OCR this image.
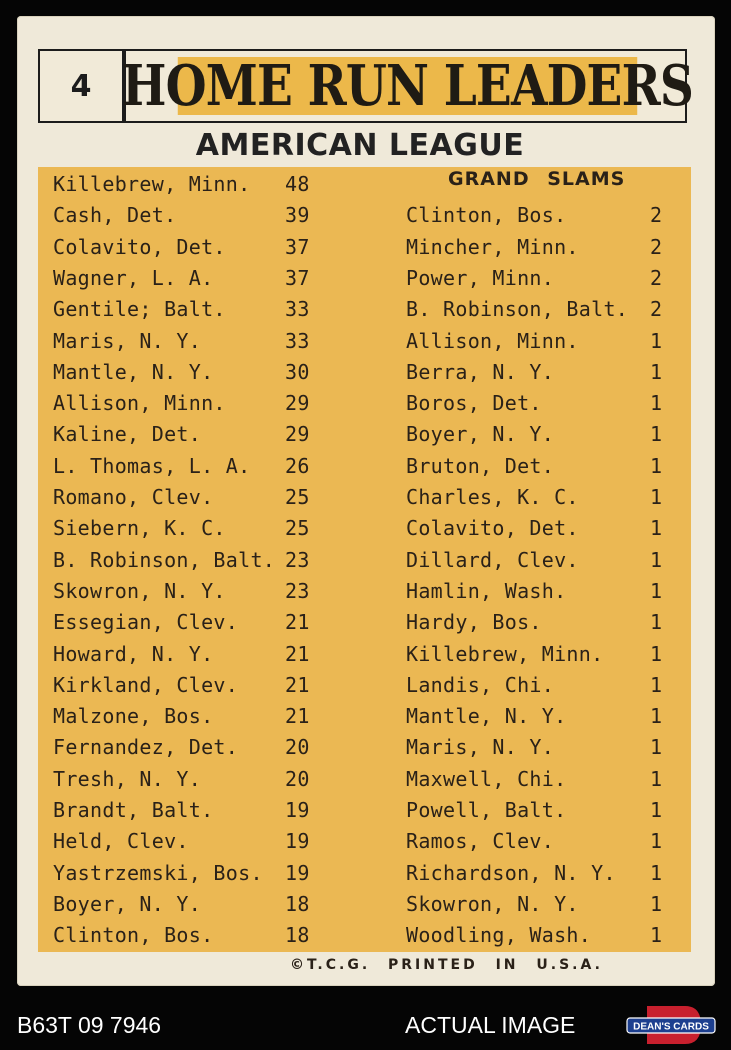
4 HOME RUN LEADERS
AMERICAN LEAGUE
GRAND SLAMS
Killebrew, Minn. 48
Cash, Det.	39
Colavito, Det.	37
Wagner, L. A.	37
Gentile; Balt.	33
Maris, N. Y.	33
Mantle, N. Y.	30
Allison, Minn.	29
Kaline, Det.	29
L. Thomas, L. A. 26
Romano, Clev.	25
Siebern, K. C.	25
B. Robinson, Balt. 23
Skowron, N. Y.	23
Essegian, Clev. 21
Howard, N. Y.	21
Kirkland, Clev. 21
Malzone, Bos.	21
Fernandez, Det. 20
Tresh, N. Y.	20
Brandt, Balt.	19
Held, Clev.	19
Yastrzemski, Bos. 19
Boyer, N. Y.	18
Clinton, Bos.	18
Clinton, Bos.	2
Mincher, Minn.	2
Power, Minn.	2
B. Robinson, Balt. 2
Allison, Minn.	1
Berra, N. Y.	1
Boros, Det.	1
Boyer, N. Y.	1
Bruton, Det.	1
Charles, K. C.	1
Colavito, Det.	1
Dillard, Clev.	1
Hamlin, Wash.	1
Hardy, Bos.	1
Killebrew, Minn. 1
Landis, Chi.	1
Mantle, N. Y.	1
Maris, N. Y.	1
Maxwell, Chi.	1
Powell, Balt.	1
Ramos, Clev.	1
Richardson, N. Y. 1
Skowron, N. Y.	1
Woodling, Wash.	1
©T.C.G. PRINTED IN U.S.A.
B63T 09 7946	ACTUAL IMAGE	DEAN'S CARDS
